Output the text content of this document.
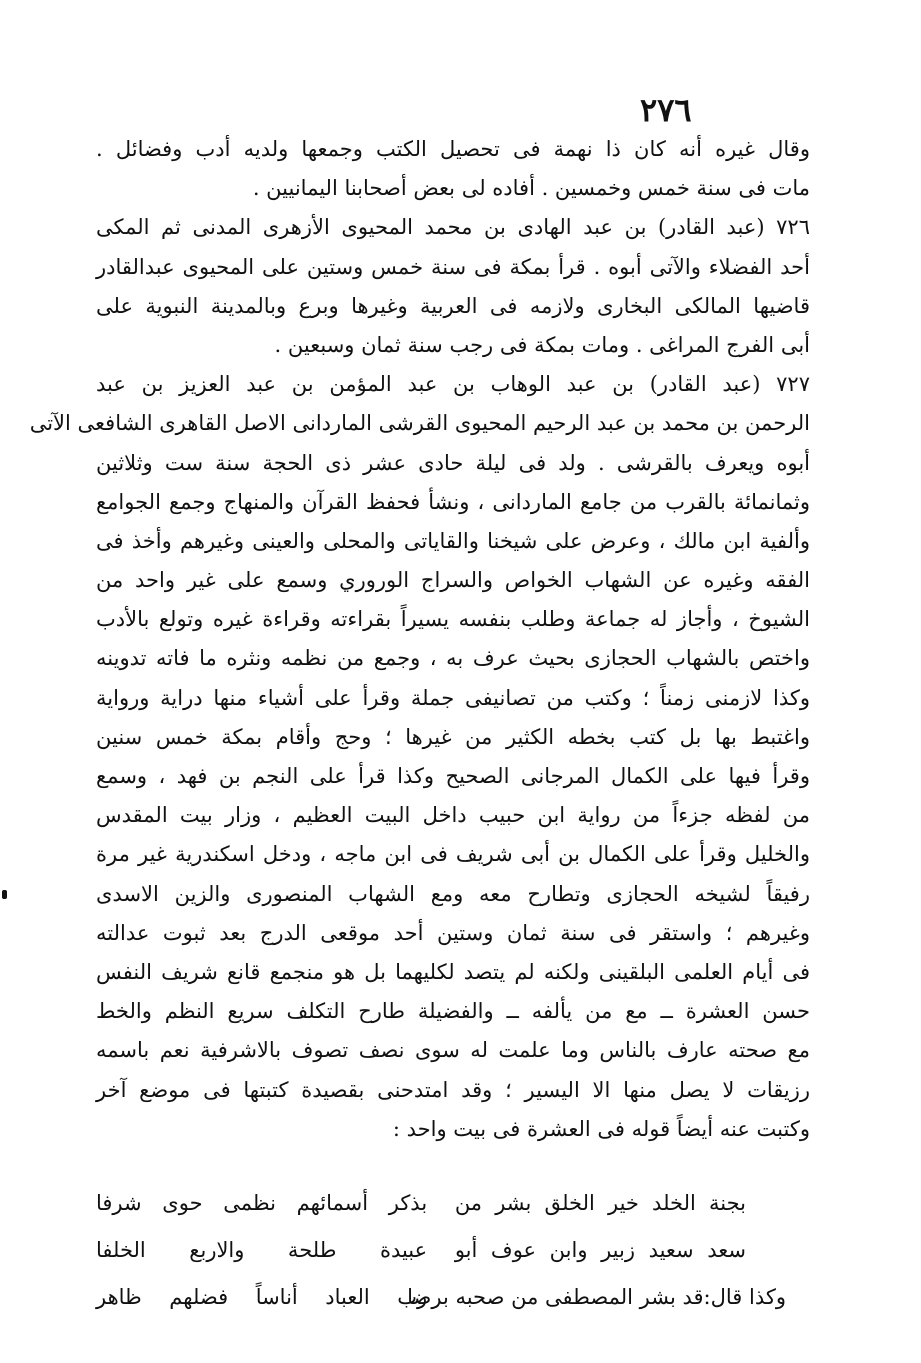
٢٧٦
وقال غيره أنه كان ذا نهمة فى تحصيل الكتب وجمعها ولديه أدب وفضائل .
مات فى سنة خمس وخمسين . أفاده لى بعض أصحابنا اليمانيين .
٧٢٦ (عبد القادر) بن عبد الهادى بن محمد المحيوى الأزهرى المدنى ثم المكى
أحد الفضلاء والآتى أبوه . قرأ بمكة فى سنة خمس وستين على المحيوى عبدالقادر
قاضيها المالكى البخارى ولازمه فى العربية وغيرها وبرع وبالمدينة النبوية على
أبى الفرج المراغى . ومات بمكة فى رجب سنة ثمان وسبعين .
٧٢٧ (عبد القادر) بن عبد الوهاب بن عبد المؤمن بن عبد العزيز بن عبد
الرحمن بن محمد بن عبد الرحيم المحيوى القرشى الماردانى الاصل القاهرى الشافعى الآتى
أبوه ويعرف بالقرشى . ولد فى ليلة حادى عشر ذى الحجة سنة ست وثلاثين
وثمانمائة بالقرب من جامع الماردانى ، ونشأ فحفظ القرآن والمنهاج وجمع الجوامع
وألفية ابن مالك ، وعرض على شيخنا والقاياتى والمحلى والعينى وغيرهم وأخذ فى
الفقه وغيره عن الشهاب الخواص والسراج الوروري وسمع على غير واحد من
الشيوخ ، وأجاز له جماعة وطلب بنفسه يسيراً بقراءته وقراءة غيره وتولع بالأدب
واختص بالشهاب الحجازى بحيث عرف به ، وجمع من نظمه ونثره ما فاته تدوينه
وكذا لازمنى زمناً ؛ وكتب من تصانيفى جملة وقرأ على أشياء منها دراية ورواية
واغتبط بها بل كتب بخطه الكثير من غيرها ؛ وحج وأقام بمكة خمس سنين
وقرأ فيها على الكمال المرجانى الصحيح وكذا قرأ على النجم بن فهد ، وسمع
من لفظه جزءاً من رواية ابن حبيب داخل البيت العظيم ، وزار بيت المقدس
والخليل وقرأ على الكمال بن أبى شريف فى ابن ماجه ، ودخل اسكندرية غير مرة
رفيقاً لشيخه الحجازى وتطارح معه ومع الشهاب المنصورى والزين الاسدى
وغيرهم ؛ واستقر فى سنة ثمان وستين أحد موقعى الدرج بعد ثبوت عدالته
فى أيام العلمى البلقينى ولكنه لم يتصد لكليهما بل هو منجمع قانع شريف النفس
حسن العشرة ــ مع من يألفه ــ والفضيلة طارح التكلف سريع النظم والخط
مع صحته عارف بالناس وما علمت له سوى نصف تصوف بالاشرفية نعم باسمه
رزيقات لا يصل منها الا اليسير ؛ وقد امتدحنى بقصيدة كتبتها فى موضع آخر
وكتبت عنه أيضاً قوله فى العشرة فى بيت واحد :
بجنة الخلد خير الخلق بشر من
بذكر أسمائهم نظمى حوى شرفا
سعد سعيد زبير وابن عوف أبو
عبيدة طلحة والاربع الخلفا
وكذا قال:قد بشر المصطفى من صحبه برضا
رب العباد أناساً فضلهم ظاهر
